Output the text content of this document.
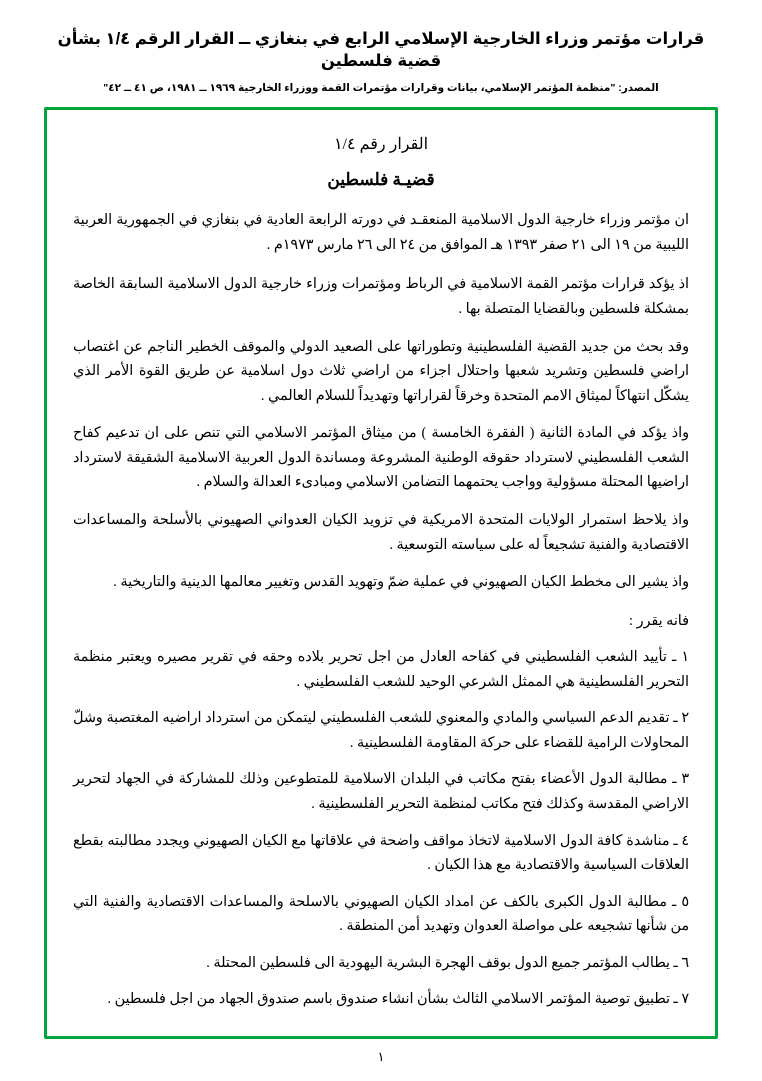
قرارات مؤتمر وزراء الخارجية الإسلامي الرابع في بنغازي ــ القرار الرقم ١/٤ بشأن قضية فلسطين
المصدر: "منظمة المؤتمر الإسلامي، بيانات وقرارات مؤتمرات القمة ووزراء الخارجية ١٩٦٩ ــ ١٩٨١، ص ٤١ ــ ٤٢"
القرار رقم ١/٤
قضيـة فلسطين

ان مؤتمر وزراء خارجية الدول الاسلامية المنعقـد في دورته الرابعة العادية في بنغازي في الجمهورية العربية الليبية من ١٩ الى ٢١ صفر ١٣٩٣ هـ الموافق من ٢٤ الى ٢٦ مارس ١٩٧٣م .

اذ يؤكد قرارات مؤتمر القمة الاسلامية في الرباط ومؤتمرات وزراء خارجية الدول الاسلامية السابقة الخاصة بمشكلة فلسطين وبالقضايا المتصلة بها .

وقد بحث من جديد القضية الفلسطينية وتطوراتها على الصعيد الدولي والموقف الخطير الناجم عن اغتصاب اراضي فلسطين وتشريد شعبها واحتلال اجزاء من اراضي ثلاث دول اسلامية عن طريق القوة الأمر الذي يشكّل انتهاكاً لميثاق الامم المتحدة وخرقاً لقراراتها وتهديداً للسلام العالمي .

واذ يؤكد في المادة الثانية ( الفقرة الخامسة ) من ميثاق المؤتمر الاسلامي التي تنص على ان تدعيم كفاح الشعب الفلسطيني لاسترداد حقوقه الوطنية المشروعة ومساندة الدول العربية الاسلامية الشقيقة لاسترداد اراضيها المحتلة مسؤولية وواجب يحتمهما التضامن الاسلامي ومبادىء العدالة والسلام .

واذ يلاحظ استمرار الولايات المتحدة الامريكية في تزويد الكيان العدواني الصهيوني بالأسلحة والمساعدات الاقتصادية والفنية تشجيعاً له على سياسته التوسعية .

واذ يشير الى مخطط الكيان الصهيوني في عملية ضمّ وتهويد القدس وتغيير معالمها الدينية والتاريخية .

فانه يقرر :

١ ـ تأييد الشعب الفلسطيني في كفاحه العادل من اجل تحرير بلاده وحقه في تقرير مصيره ويعتبر منظمة التحرير الفلسطينية هي الممثل الشرعي الوحيد للشعب الفلسطيني .

٢ ـ تقديم الدعم السياسي والمادي والمعنوي للشعب الفلسطيني ليتمكن من استرداد اراضيه المغتصبة وشلّ المحاولات الرامية للقضاء على حركة المقاومة الفلسطينية .

٣ ـ مطالبة الدول الأعضاء بفتح مكاتب في البلدان الاسلامية للمتطوعين وذلك للمشاركة في الجهاد لتحرير الاراضي المقدسة وكذلك فتح مكاتب لمنظمة التحرير الفلسطينية .

٤ ـ مناشدة كافة الدول الاسلامية لاتخاذ مواقف واضحة في علاقاتها مع الكيان الصهيوني ويجدد مطالبته بقطع العلاقات السياسية والاقتصادية مع هذا الكيان .

٥ ـ مطالبة الدول الكبرى بالكف عن امداد الكيان الصهيوني بالاسلحة والمساعدات الاقتصادية والفنية التي من شأنها تشجيعه على مواصلة العدوان وتهديد أمن المنطقة .

٦ ـ يطالب المؤتمر جميع الدول بوقف الهجرة البشرية اليهودية الى فلسطين المحتلة .

٧ ـ تطبيق توصية المؤتمر الاسلامي الثالث بشأن انشاء صندوق باسم صندوق الجهاد من اجل فلسطين .

١
